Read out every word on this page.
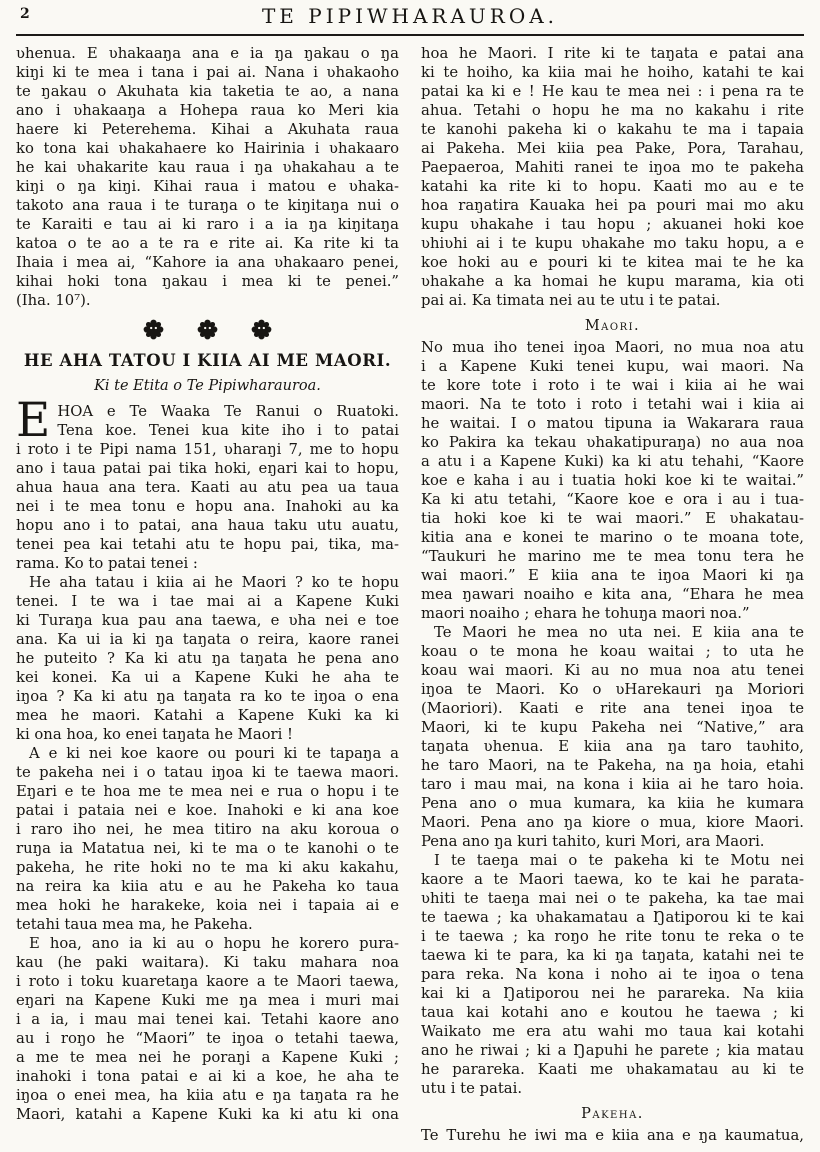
2	TE PIPIWHARAUROA.
ʋhenua. E ʋhakaaŋa ana e ia ŋa ŋakau o ŋa
kiŋi ki te mea i tana i pai ai. Nana i ʋhakaoho
te ŋakau o Akuhata kia taketia te ao, a nana
ano i ʋhakaaŋa a Hohepa raua ko Meri kia
haere ki Peterehema. Kihai a Akuhata raua
ko tona kai ʋhakahaere ko Hairinia i ʋhakaaro
he kai ʋhakarite kau raua i ŋa ʋhakahau a te
kiŋi o ŋa kiŋi. Kihai raua i matou e ʋhaka-
takoto ana raua i te turaŋa o te kiŋitaŋa nui o
te Karaiti e tau ai ki raro i a ia ŋa kiŋitaŋa
katoa o te ao a te ra e rite ai. Ka rite ki ta
Ihaia i mea ai, “Kahore ia ana ʋhakaaro penei,
kihai hoki tona ŋakau i mea ki te penei.”
(Iha. 10⁷).

HE AHA TATOU I KIIA AI ME MAORI.
Ki te Etita o Te Pipiwharauroa.
E HOA e Te Waaka Te Ranui o Ruatoki.
Tena koe. Tenei kua kite iho i to patai
i roto i te Pipi nama 151, ʋharaŋi 7, me to hopu
ano i taua patai pai tika hoki, eŋari kai to hopu,
ahua haua ana tera. Kaati au atu pea ua taua
nei i te mea tonu e hopu ana. Inahoki au ka
hopu ano i to patai, ana haua taku utu auatu,
tenei pea kai tetahi atu te hopu pai, tika, ma-
rama. Ko to patai tenei :
He aha tatau i kiia ai he Maori ? ko te hopu
tenei. I te wa i tae mai ai a Kapene Kuki
ki Turaŋa kua pau ana taewa, e ʋha nei e toe
ana. Ka ui ia ki ŋa taŋata o reira, kaore ranei
he puteito ? Ka ki atu ŋa taŋata he pena ano
kei konei. Ka ui a Kapene Kuki he aha te
iŋoa ? Ka ki atu ŋa taŋata ra ko te iŋoa o ena
mea he maori. Katahi a Kapene Kuki ka ki
ki ona hoa, ko enei taŋata he Maori !
A e ki nei koe kaore ou pouri ki te tapaŋa a
te pakeha nei i o tatau iŋoa ki te taewa maori.
Eŋari e te hoa me te mea nei e rua o hopu i te
patai i pataia nei e koe. Inahoki e ki ana koe
i raro iho nei, he mea titiro na aku koroua o
ruŋa ia Matatua nei, ki te ma o te kanohi o te
pakeha, he rite hoki no te ma ki aku kakahu,
na reira ka kiia atu e au he Pakeha ko taua
mea hoki he harakeke, koia nei i tapaia ai e
tetahi taua mea ma, he Pakeha.
E hoa, ano ia ki au o hopu he korero pura-
kau (he paki waitara). Ki taku mahara noa
i roto i toku kuaretaŋa kaore a te Maori taewa,
eŋari na Kapene Kuki me ŋa mea i muri mai
i a ia, i mau mai tenei kai. Tetahi kaore ano
au i roŋo he “Maori” te iŋoa o tetahi taewa,
a me te mea nei he poraŋi a Kapene Kuki ;
inahoki i tona patai e ai ki a koe, he aha te
iŋoa o enei mea, ha kiia atu e ŋa taŋata ra he
Maori, katahi a Kapene Kuki ka ki atu ki ona
hoa he Maori. I rite ki te taŋata e patai ana
ki te hoiho, ka kiia mai he hoiho, katahi te kai
patai ka ki e ! He kau te mea nei : i pena ra te
ahua. Tetahi o hopu he ma no kakahu i rite
te kanohi pakeha ki o kakahu te ma i tapaia
ai Pakeha. Mei kiia pea Pake, Pora, Tarahau,
Paepaeroa, Mahiti ranei te iŋoa mo te pakeha
katahi ka rite ki to hopu. Kaati mo au e te
hoa raŋatira Kauaka hei pa pouri mai mo aku
kupu ʋhakahe i tau hopu ; akuanei hoki koe
ʋhiʋhi ai i te kupu ʋhakahe mo taku hopu, a e
koe hoki au e pouri ki te kitea mai te he ka
ʋhakahe a ka homai he kupu marama, kia oti
pai ai. Ka timata nei au te utu i te patai.
Maori.
No mua iho tenei iŋoa Maori, no mua noa atu
i a Kapene Kuki tenei kupu, wai maori. Na
te kore tote i roto i te wai i kiia ai he wai
maori. Na te toto i roto i tetahi wai i kiia ai
he waitai. I o matou tipuna ia Wakarara raua
ko Pakira ka tekau ʋhakatipuraŋa) no aua noa
a atu i a Kapene Kuki) ka ki atu tehahi, “Kaore
koe e kaha i au i tuatia hoki koe ki te waitai.”
Ka ki atu tetahi, “Kaore koe e ora i au i tua-
tia hoki koe ki te wai maori.” E ʋhakatau-
kitia ana e konei te marino o te moana tote,
“Taukuri he marino me te mea tonu tera he
wai maori.” E kiia ana te iŋoa Maori ki ŋa
mea ŋawari noaiho e kita ana, “Ehara he mea
maori noaiho ; ehara he tohuŋa maori noa.”
Te Maori he mea no uta nei. E kiia ana te
koau o te mona he koau waitai ; to uta he
koau wai maori. Ki au no mua noa atu tenei
iŋoa te Maori. Ko o ʋHarekauri ŋa Moriori
(Maoriori). Kaati e rite ana tenei iŋoa te
Maori, ki te kupu Pakeha nei “Native,” ara
taŋata ʋhenua. E kiia ana ŋa taro taʋhito,
he taro Maori, na te Pakeha, na ŋa hoia, etahi
taro i mau mai, na kona i kiia ai he taro hoia.
Pena ano o mua kumara, ka kiia he kumara
Maori. Pena ano ŋa kiore o mua, kiore Maori.
Pena ano ŋa kuri tahito, kuri Mori, ara Maori.
I te taeŋa mai o te pakeha ki te Motu nei
kaore a te Maori taewa, ko te kai he parata-
ʋhiti te taeŋa mai nei o te pakeha, ka tae mai
te taewa ; ka ʋhakamatau a Ŋatiporou ki te kai
i te taewa ; ka roŋo he rite tonu te reka o te
taewa ki te para, ka ki ŋa taŋata, katahi nei te
para reka. Na kona i noho ai te iŋoa o tena
kai ki a Ŋatiporou nei he parareka. Na kiia
taua kai kotahi ano e koutou he taewa ; ki
Waikato me era atu wahi mo taua kai kotahi
ano he riwai ; ki a Ŋapuhi he parete ; kia matau
he parareka. Kaati me ʋhakamatau au ki te
utu i te patai.
Pakeha.
Te Turehu he iwi ma e kiia ana e ŋa kaumatua,
